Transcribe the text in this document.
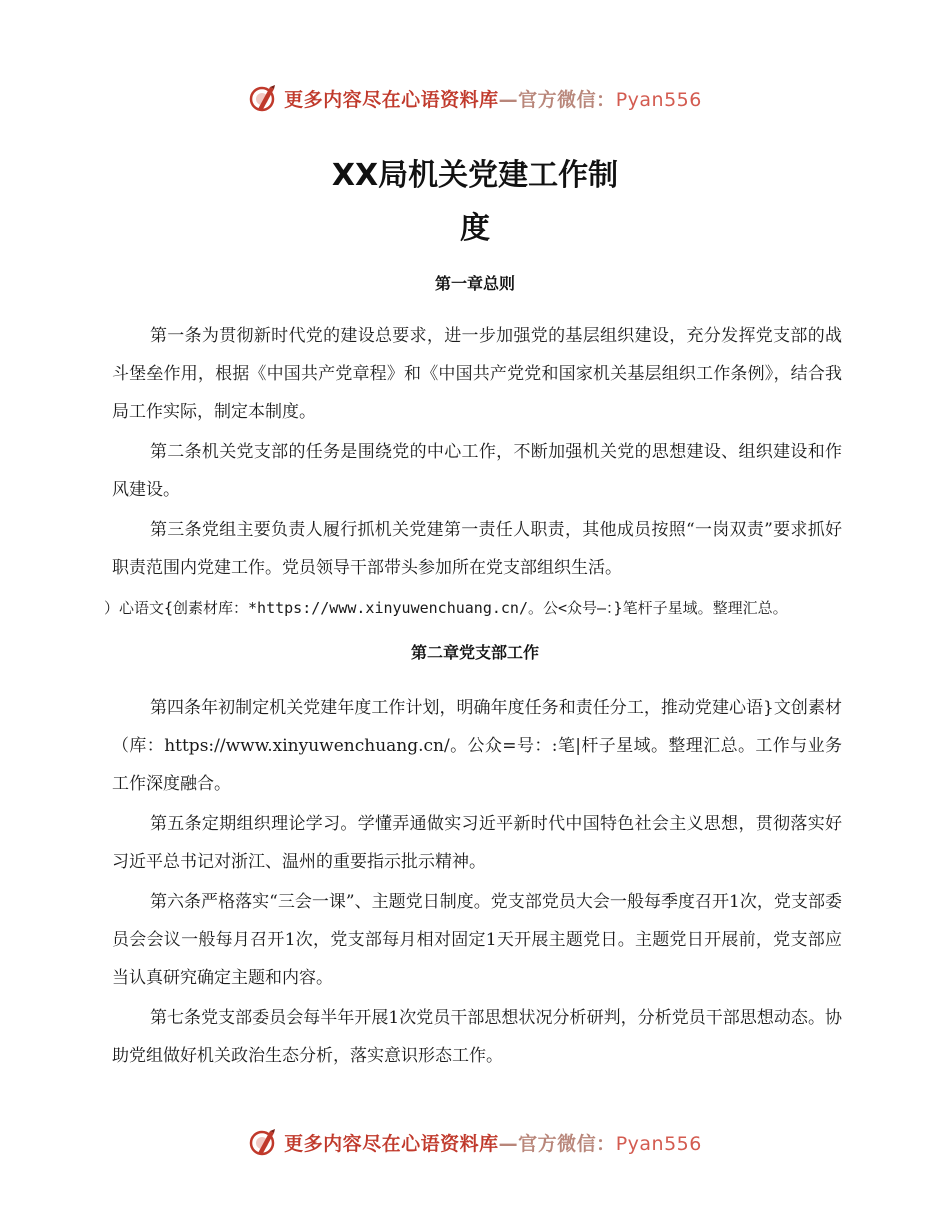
更多内容尽在心语资料库—官方微信：Pyan556
XX局机关党建工作制
度
第一章总则

第一条为贯彻新时代党的建设总要求，进一步加强党的基层组织建设，充分发挥党支部的战斗堡垒作用，根据《中国共产党章程》和《中国共产党党和国家机关基层组织工作条例》，结合我局工作实际，制定本制度。

第二条机关党支部的任务是围绕党的中心工作，不断加强机关党的思想建设、组织建设和作风建设。

第三条党组主要负责人履行抓机关党建第一责任人职责，其他成员按照“一岗双责”要求抓好职责范围内党建工作。党员领导干部带头参加所在党支部组织生活。

）心语文{创素材库：*https://www.xinyuwenchuang.cn/。公<众号—：}笔杆子星域。整理汇总。

第二章党支部工作

第四条年初制定机关党建年度工作计划，明确年度任务和责任分工，推动党建心语}文创素材（库：https://www.xinyuwenchuang.cn/。公众=号：:笔|杆子星域。整理汇总。工作与业务工作深度融合。

第五条定期组织理论学习。学懂弄通做实习近平新时代中国特色社会主义思想，贯彻落实好习近平总书记对浙江、温州的重要指示批示精神。

第六条严格落实“三会一课”、主题党日制度。党支部党员大会一般每季度召开1次，党支部委员会会议一般每月召开1次，党支部每月相对固定1天开展主题党日。主题党日开展前，党支部应当认真研究确定主题和内容。

第七条党支部委员会每半年开展1次党员干部思想状况分析研判，分析党员干部思想动态。协助党组做好机关政治生态分析，落实意识形态工作。

更多内容尽在心语资料库—官方微信：Pyan556
